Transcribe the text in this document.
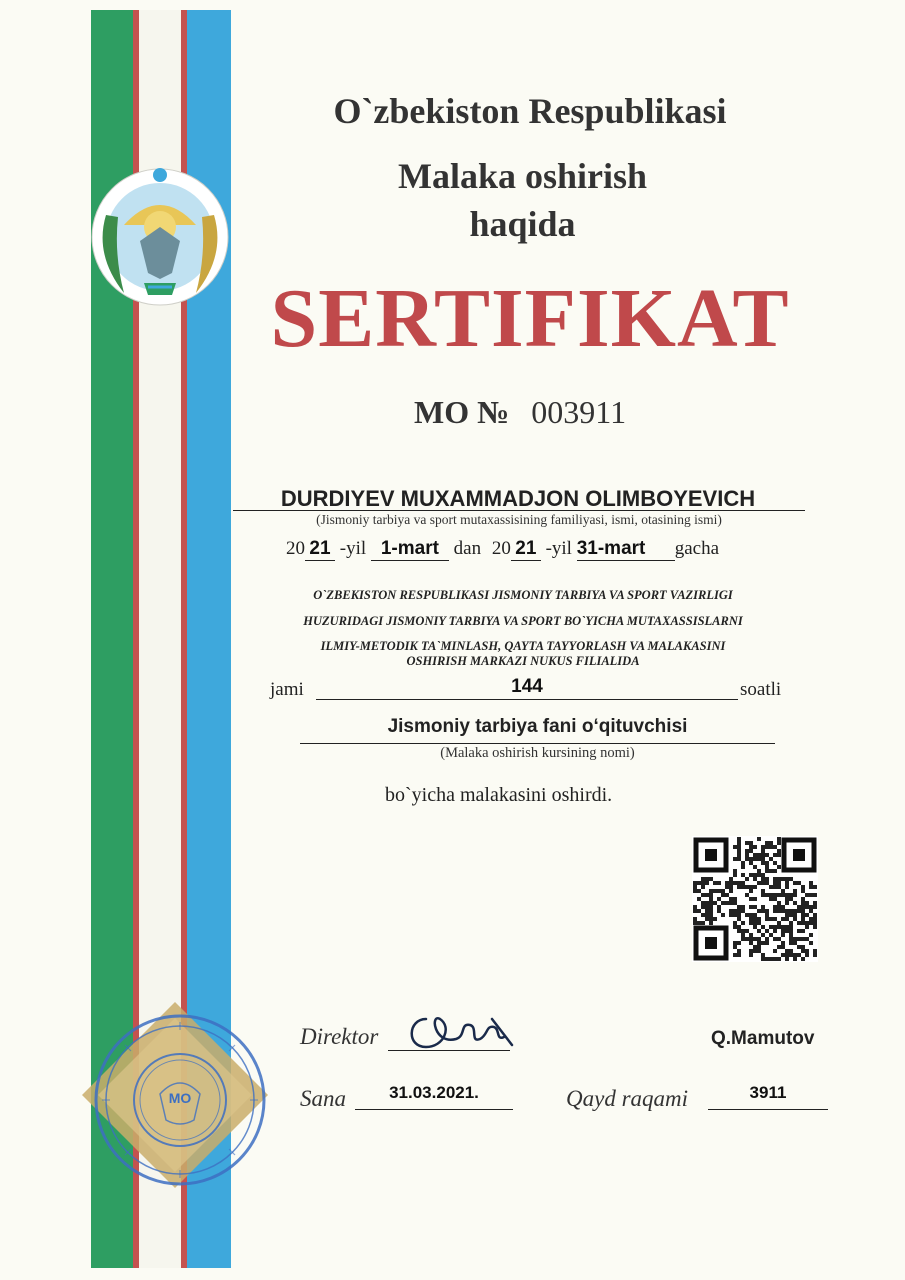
O`zbekiston Respublikasi
Malaka oshirish
haqida
SERTIFIKAT
MO № 003911
DURDIYEV MUXAMMADJON OLIMBOYEVICH
(Jismoniy tarbiya va sport mutaxassisining familiyasi, ismi, otasining ismi)
20 21 -yil 1-mart dan 20 21 -yil 31-mart gacha
O`ZBEKISTON RESPUBLIKASI JISMONIY TARBIYA VA SPORT VAZIRLIGI
HUZURIDAGI JISMONIY TARBIYA VA SPORT BO`YICHA MUTAXASSISLARNI
ILMIY-METODIK TA`MINLASH, QAYTA TAYYORLASH VA MALAKASINI
OSHIRISH MARKAZI NUKUS FILIALIDA
jami	144	soatli
Jismoniy tarbiya fani o‘qituvchisi
(Malaka oshirish kursining nomi)
bo`yicha malakasini oshirdi.
Direktor	Q.Mamutov
Sana	31.03.2021.	Qayd raqami	3911
MO
